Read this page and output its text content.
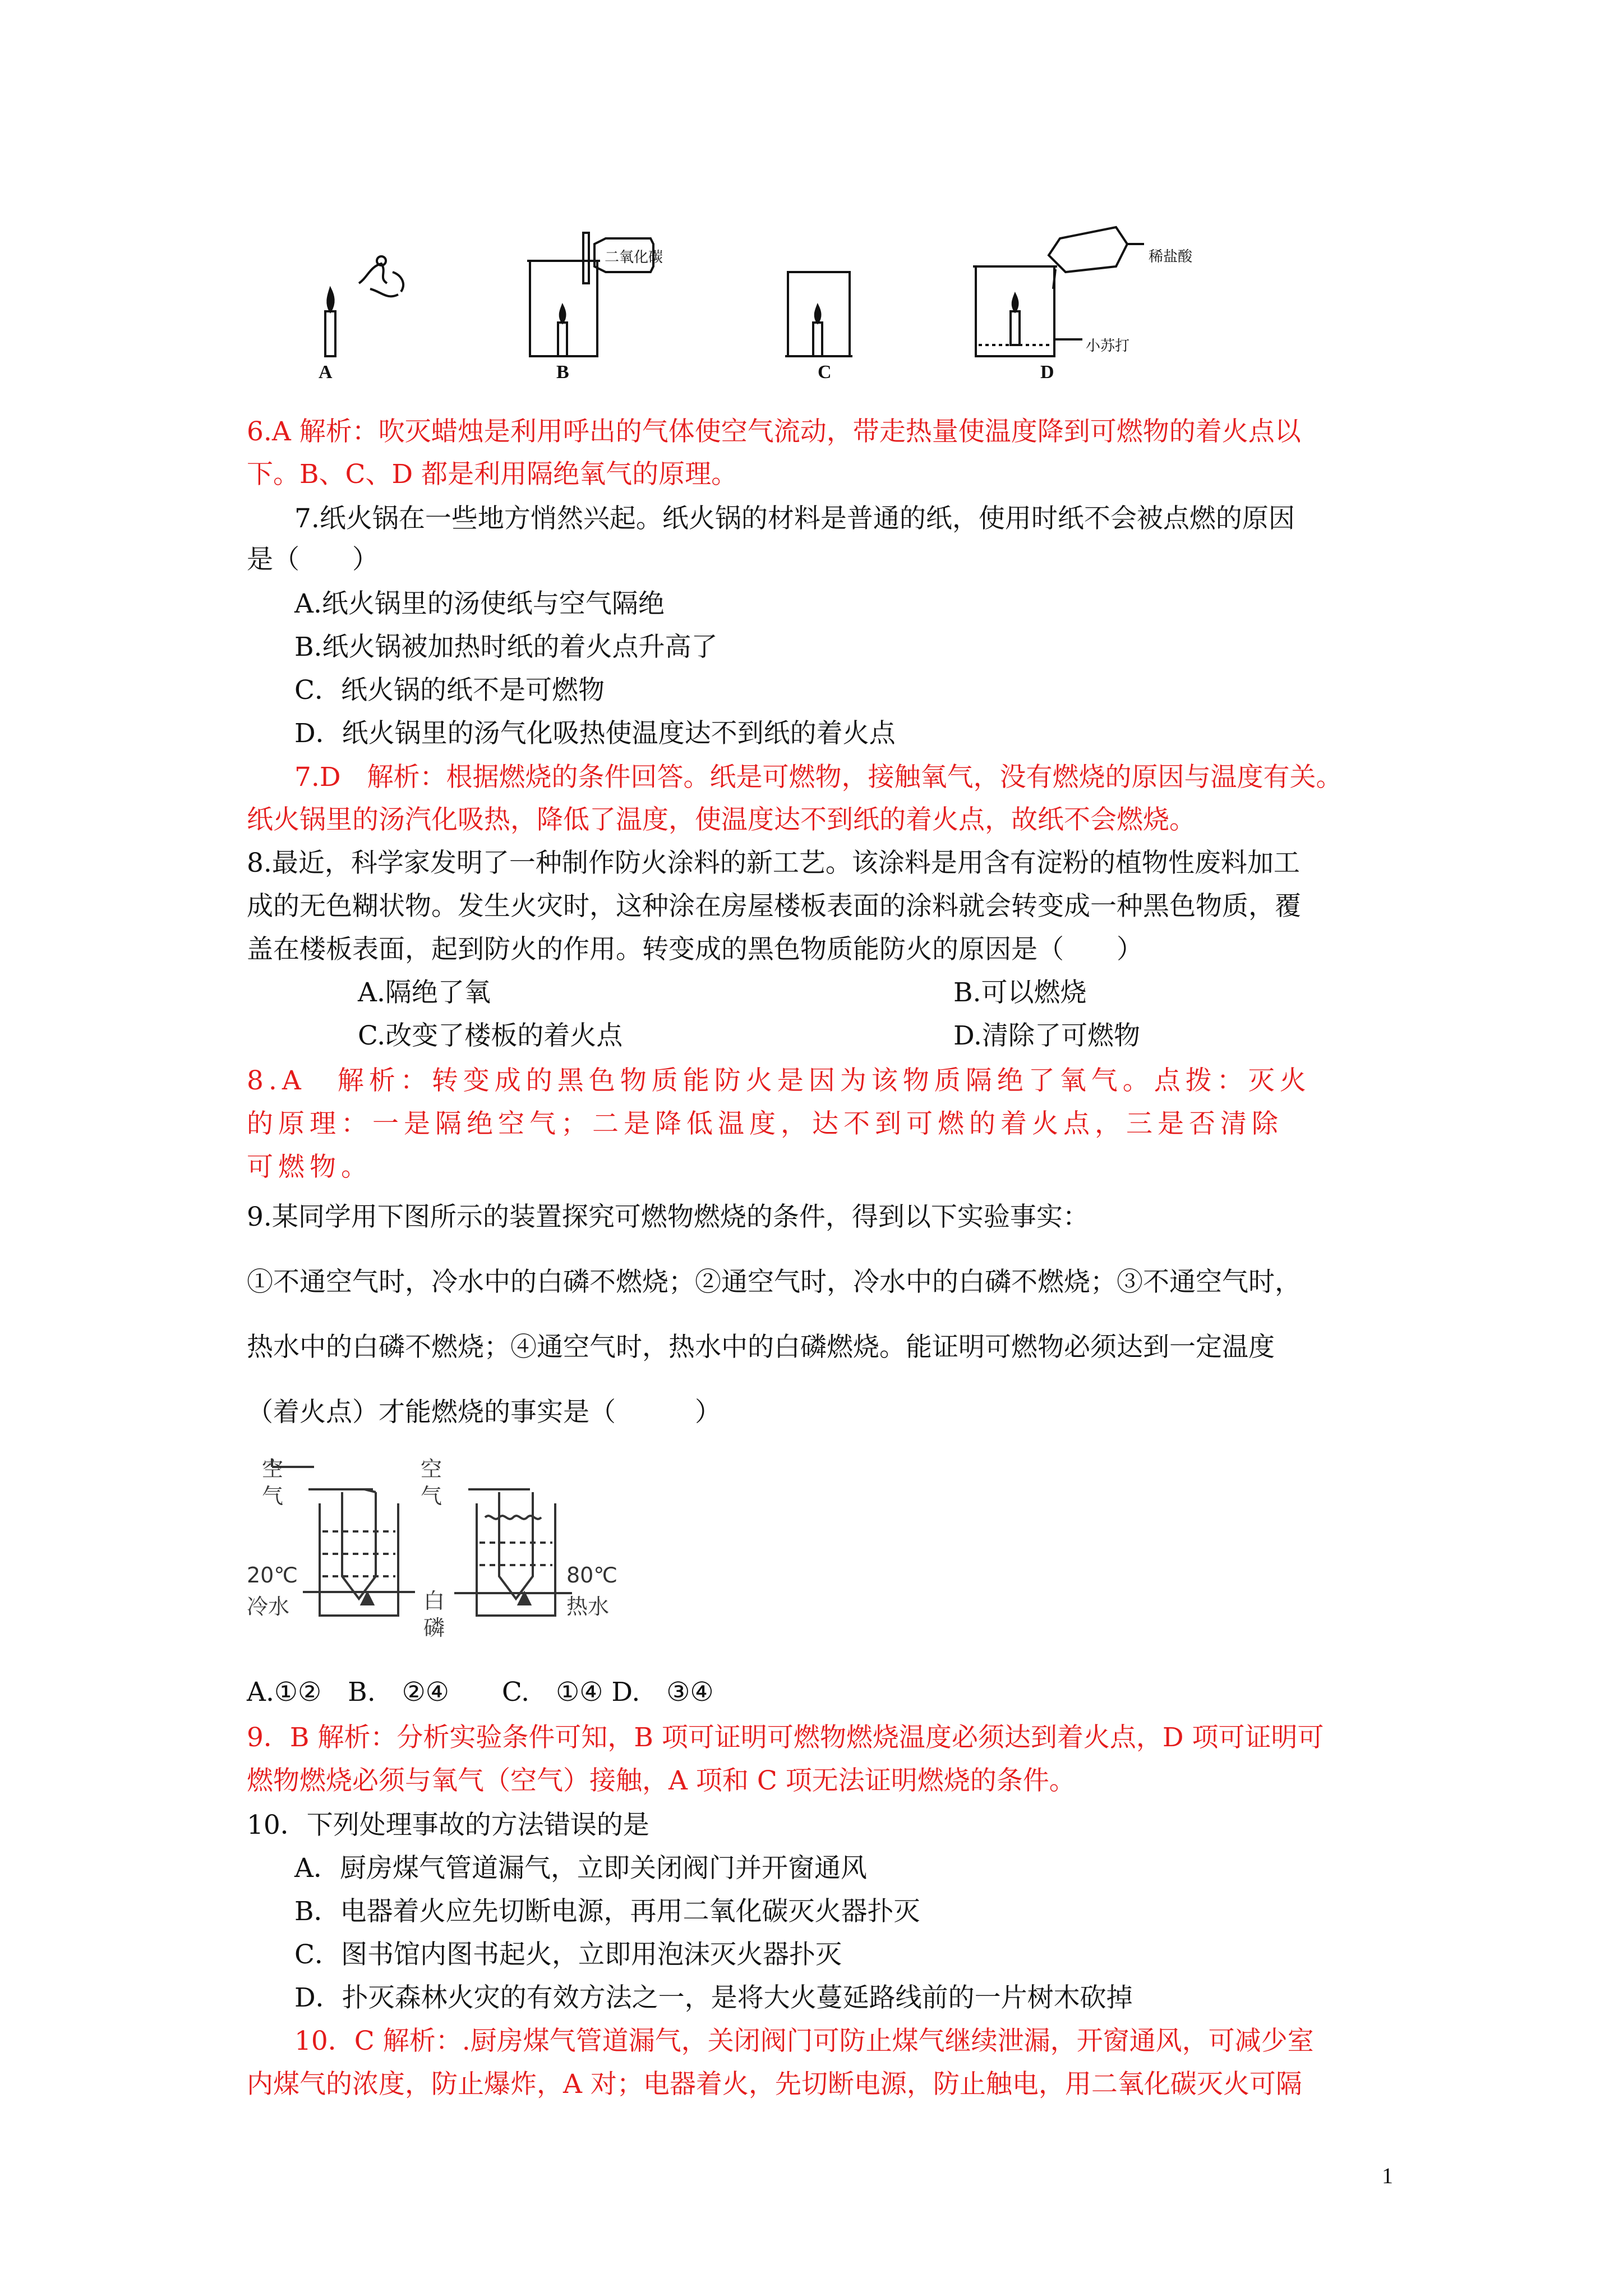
A	B	C	D
二氧化碳	稀盐酸
小苏打
6.A 解析：吹灭蜡烛是利用呼出的气体使空气流动，带走热量使温度降到可燃物的着火点以
下。B、C、D 都是利用隔绝氧气的原理。
7.纸火锅在一些地方悄然兴起。纸火锅的材料是普通的纸，使用时纸不会被点燃的原因
是（　　）
A.纸火锅里的汤使纸与空气隔绝
B.纸火锅被加热时纸的着火点升高了
C．纸火锅的纸不是可燃物
D．纸火锅里的汤气化吸热使温度达不到纸的着火点
7.D　解析：根据燃烧的条件回答。纸是可燃物，接触氧气，没有燃烧的原因与温度有关。
纸火锅里的汤汽化吸热，降低了温度，使温度达不到纸的着火点，故纸不会燃烧。
8.最近，科学家发明了一种制作防火涂料的新工艺。该涂料是用含有淀粉的植物性废料加工
成的无色糊状物。发生火灾时，这种涂在房屋楼板表面的涂料就会转变成一种黑色物质，覆
盖在楼板表面，起到防火的作用。转变成的黑色物质能防火的原因是（　　）
A.隔绝了氧	B.可以燃烧
C.改变了楼板的着火点	D.清除了可燃物
8.A　解析：转变成的黑色物质能防火是因为该物质隔绝了氧气。点拨：灭火
的原理：一是隔绝空气；二是降低温度，达不到可燃的着火点，三是否清除
可燃物。
9.某同学用下图所示的装置探究可燃物燃烧的条件，得到以下实验事实：
①不通空气时，冷水中的白磷不燃烧；②通空气时，冷水中的白磷不燃烧；③不通空气时，
热水中的白磷不燃烧；④通空气时，热水中的白磷燃烧。能证明可燃物必须达到一定温度
（着火点）才能燃烧的事实是（　　　）
空气
空气
20℃
冷水	白磷
80℃
热水
A.①②　B.　②④　　C.　①④ D.　③④
9．B 解析：分析实验条件可知，B 项可证明可燃物燃烧温度必须达到着火点，D 项可证明可
燃物燃烧必须与氧气（空气）接触，A 项和 C 项无法证明燃烧的条件。
10．下列处理事故的方法错误的是
A．厨房煤气管道漏气，立即关闭阀门并开窗通风
B．电器着火应先切断电源，再用二氧化碳灭火器扑灭
C．图书馆内图书起火，立即用泡沫灭火器扑灭
D．扑灭森林火灾的有效方法之一，是将大火蔓延路线前的一片树木砍掉
10．C 解析：.厨房煤气管道漏气，关闭阀门可防止煤气继续泄漏，开窗通风，可减少室
内煤气的浓度，防止爆炸，A 对；电器着火，先切断电源，防止触电，用二氧化碳灭火可隔
1
